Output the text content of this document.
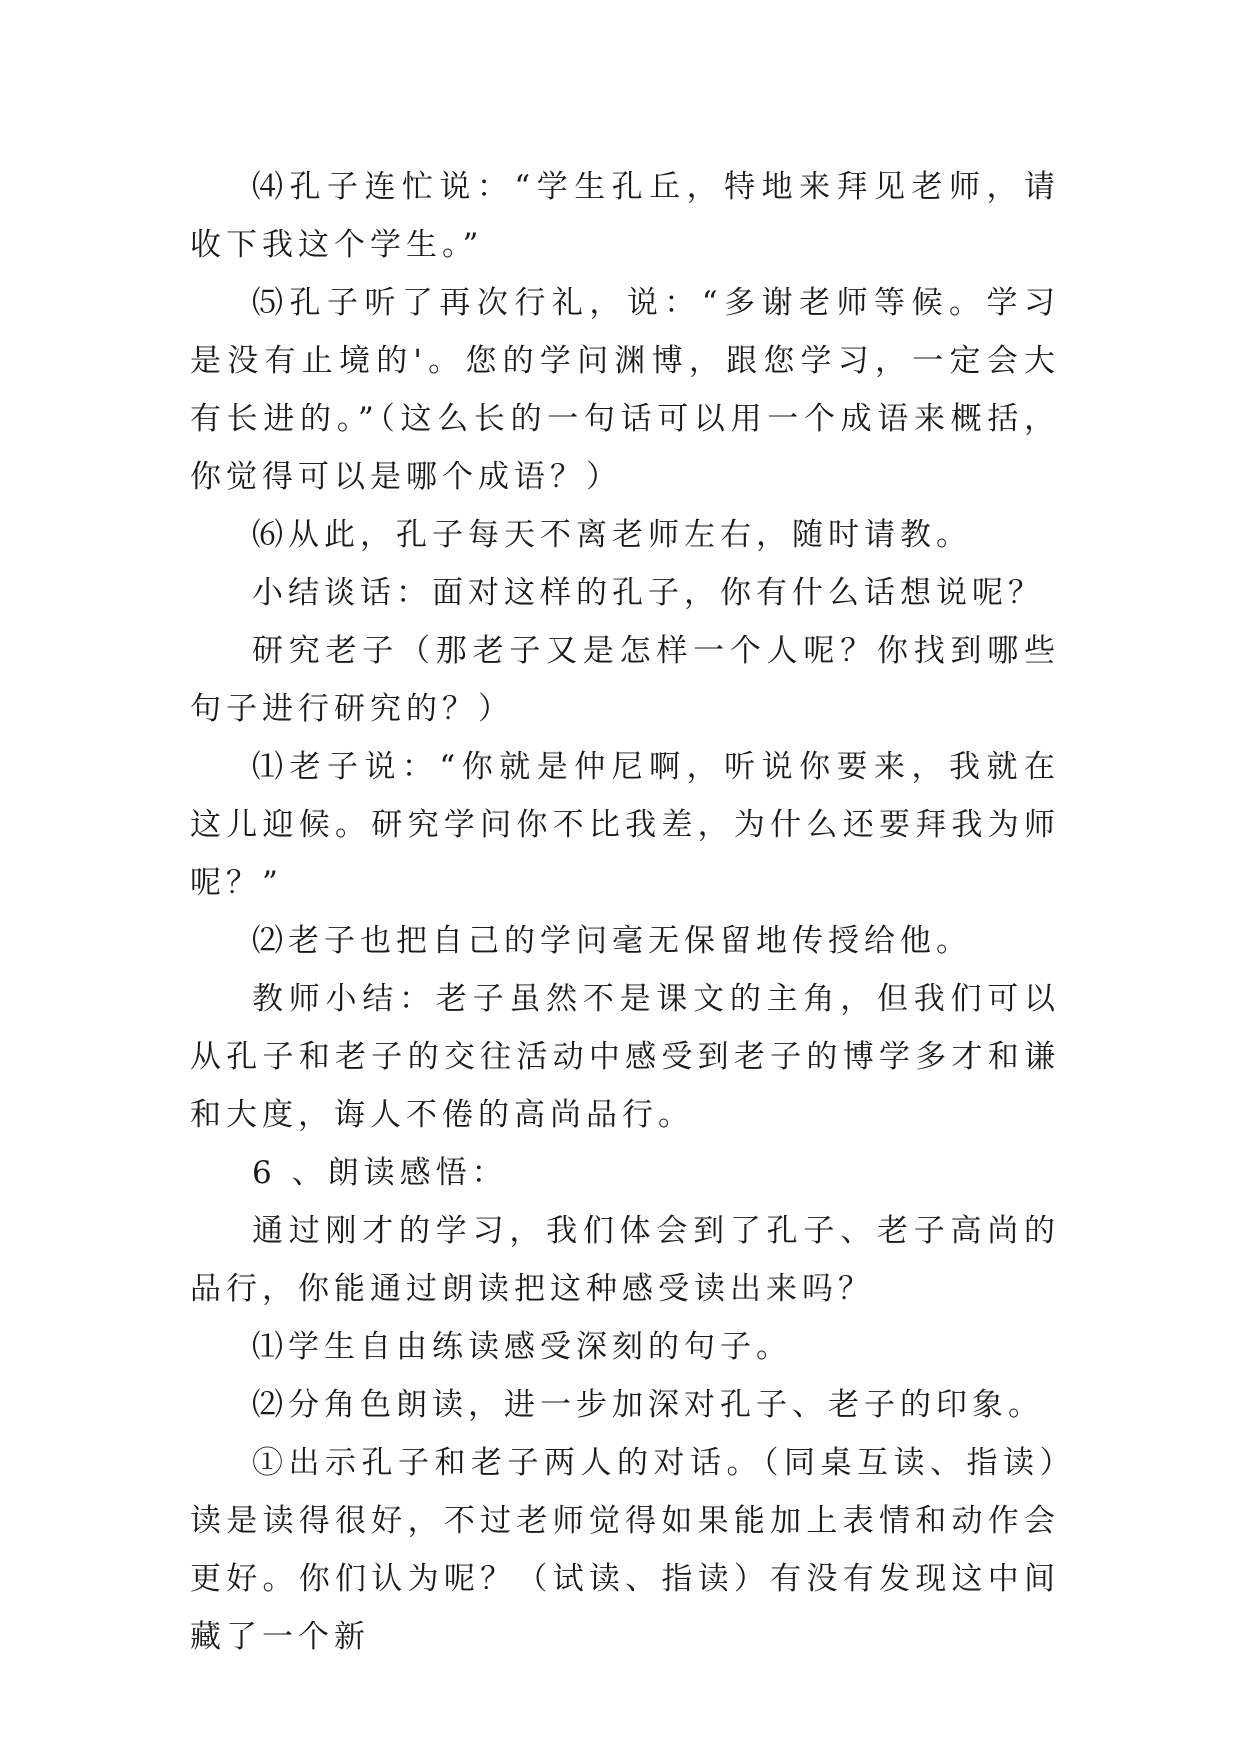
⑷孔子连忙说：“学生孔丘，特地来拜见老师，请收下我这个学生。”

⑸孔子听了再次行礼，说：“多谢老师等候。学习是没有止境的'。您的学问渊博，跟您学习，一定会大有长进的。”（这么长的一句话可以用一个成语来概括，你觉得可以是哪个成语？）

⑹从此，孔子每天不离老师左右，随时请教。

小结谈话：面对这样的孔子，你有什么话想说呢？

研究老子（那老子又是怎样一个人呢？你找到哪些句子进行研究的？）

⑴老子说：“你就是仲尼啊，听说你要来，我就在这儿迎候。研究学问你不比我差，为什么还要拜我为师呢？”

⑵老子也把自己的学问毫无保留地传授给他。

教师小结：老子虽然不是课文的主角，但我们可以从孔子和老子的交往活动中感受到老子的博学多才和谦和大度，诲人不倦的高尚品行。

6 、朗读感悟：

通过刚才的学习，我们体会到了孔子、老子高尚的品行，你能通过朗读把这种感受读出来吗？

⑴学生自由练读感受深刻的句子。

⑵分角色朗读，进一步加深对孔子、老子的印象。

①出示孔子和老子两人的对话。（同桌互读、指读）读是读得很好，不过老师觉得如果能加上表情和动作会更好。你们认为呢？（试读、指读）有没有发现这中间藏了一个新
